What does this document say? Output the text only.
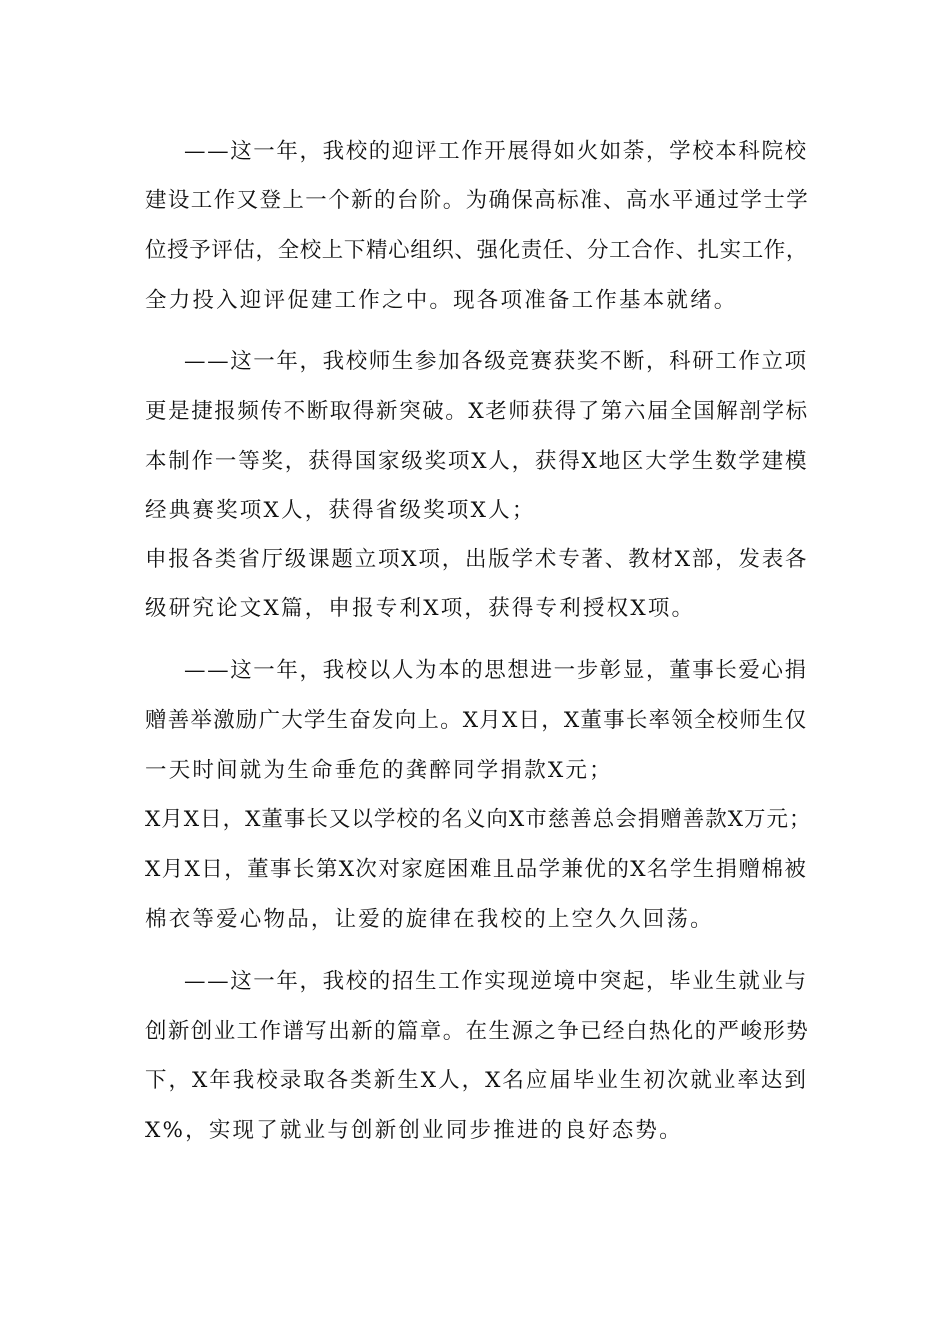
——这一年，我校的迎评工作开展得如火如荼，学校本科院校
建设工作又登上一个新的台阶。为确保高标准、高水平通过学士学
位授予评估，全校上下精心组织、强化责任、分工合作、扎实工作，
全力投入迎评促建工作之中。现各项准备工作基本就绪。
——这一年，我校师生参加各级竞赛获奖不断，科研工作立项
更是捷报频传不断取得新突破。X老师获得了第六届全国解剖学标
本制作一等奖，获得国家级奖项X人，获得X地区大学生数学建模
经典赛奖项X人，获得省级奖项X人；
申报各类省厅级课题立项X项，出版学术专著、教材X部，发表各
级研究论文X篇，申报专利X项，获得专利授权X项。
——这一年，我校以人为本的思想进一步彰显，董事长爱心捐
赠善举激励广大学生奋发向上。X月X日，X董事长率领全校师生仅
一天时间就为生命垂危的龚醉同学捐款X元；
X月X日，X董事长又以学校的名义向X市慈善总会捐赠善款X万元；
X月X日，董事长第X次对家庭困难且品学兼优的X名学生捐赠棉被
棉衣等爱心物品，让爱的旋律在我校的上空久久回荡。
——这一年，我校的招生工作实现逆境中突起，毕业生就业与
创新创业工作谱写出新的篇章。在生源之争已经白热化的严峻形势
下，X年我校录取各类新生X人，X名应届毕业生初次就业率达到
X%，实现了就业与创新创业同步推进的良好态势。
